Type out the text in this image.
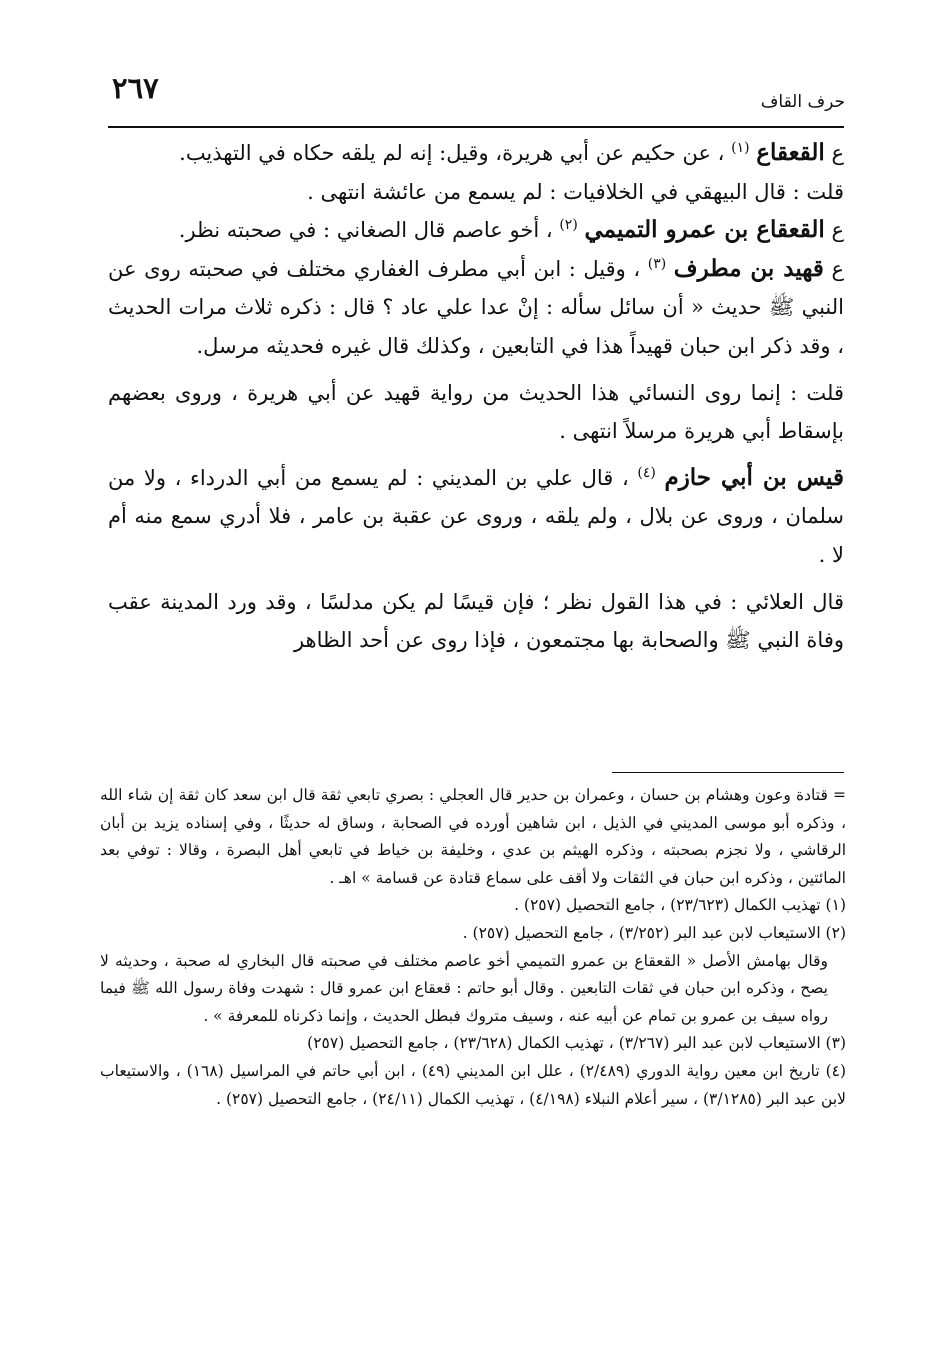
٢٦٧	حرف القاف

ع القعقاع $^{(١)}$ ، عن حكيم عن أبي هريرة، وقيل: إنه لم يلقه حكاه في التهذيب.

قلت : قال البيهقي في الخلافيات : لم يسمع من عائشة انتهى .

ع القعقاع بن عمرو التميمي $^{(٢)}$ ، أخو عاصم قال الصغاني : في صحبته نظر.

ع قهيد بن مطرف $^{(٣)}$ ، وقيل : ابن أبي مطرف الغفاري مختلف في صحبته روى عن النبي ﷺ حديث « أن سائل سأله : إنْ عدا علي عاد ؟ قال : ذكره ثلاث مرات الحديث ، وقد ذكر ابن حبان قهيداً هذا في التابعين ، وكذلك قال غيره فحديثه مرسل.

قلت : إنما روى النسائي هذا الحديث من رواية قهيد عن أبي هريرة ، وروى بعضهم بإسقاط أبي هريرة مرسلاً انتهى .

قيس بن أبي حازم $^{(٤)}$ ، قال علي بن المديني : لم يسمع من أبي الدرداء ، ولا من سلمان ، وروى عن بلال ، ولم يلقه ، وروى عن عقبة بن عامر ، فلا أدري سمع منه أم لا .

قال العلائي : في هذا القول نظر ؛ فإن قيسًا لم يكن مدلسًا ، وقد ورد المدينة عقب وفاة النبي ﷺ والصحابة بها مجتمعون ، فإذا روى عن أحد الظاهر

= قتادة وعون وهشام بن حسان ، وعمران بن حدير قال العجلي : بصري تابعي ثقة قال ابن سعد كان ثقة إن شاء الله ، وذكره أبو موسى المديني في الذيل ، ابن شاهين أورده في الصحابة ، وساق له حديثًا ، وفي إسناده يزيد بن أبان الرقاشي ، ولا نجزم بصحبته ، وذكره الهيثم بن عدي ، وخليفة بن خياط في تابعي أهل البصرة ، وقالا : توفي بعد المائتين ، وذكره ابن حبان في الثقات ولا أقف على سماع قتادة عن قسامة » اهـ .

(١) تهذيب الكمال (٢٣/٦٢٣) ، جامع التحصيل (٢٥٧) .

(٢) الاستيعاب لابن عبد البر (٣/٢٥٢) ، جامع التحصيل (٢٥٧) .

وقال بهامش الأصل « القعقاع بن عمرو التميمي أخو عاصم مختلف في صحبته قال البخاري له صحبة ، وحديثه لا يصح ، وذكره ابن حبان في ثقات التابعين . وقال أبو حاتم : قعقاع ابن عمرو قال : شهدت وفاة رسول الله ﷺ فيما رواه سيف بن عمرو بن تمام عن أبيه عنه ، وسيف متروك فبطل الحديث ، وإنما ذكرناه للمعرفة » .

(٣) الاستيعاب لابن عبد البر (٣/٢٦٧) ، تهذيب الكمال (٢٣/٦٢٨) ، جامع التحصيل (٢٥٧)

(٤) تاريخ ابن معين رواية الدوري (٢/٤٨٩) ، علل ابن المديني (٤٩) ، ابن أبي حاتم في المراسيل (١٦٨) ، والاستيعاب لابن عبد البر (٣/١٢٨٥) ، سير أعلام النبلاء (٤/١٩٨) ، تهذيب الكمال (٢٤/١١) ، جامع التحصيل (٢٥٧) .
